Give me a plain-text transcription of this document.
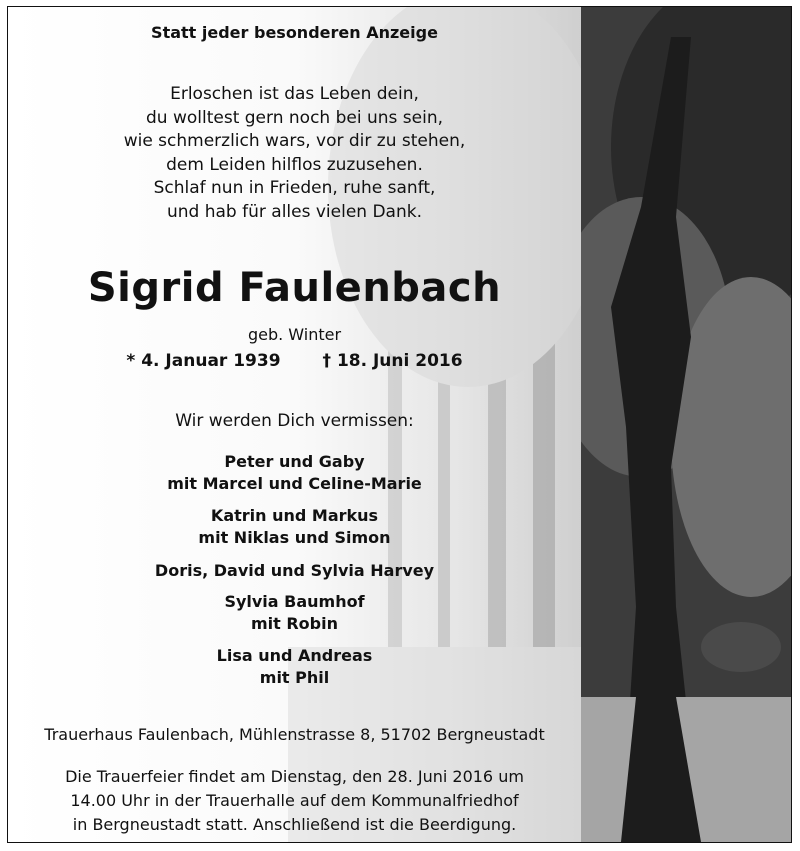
Statt jeder besonderen Anzeige
Erloschen ist das Leben dein,
du wolltest gern noch bei uns sein,
wie schmerzlich wars, vor dir zu stehen,
dem Leiden hilflos zuzusehen.
Schlaf nun in Frieden, ruhe sanft,
und hab für alles vielen Dank.
Sigrid Faulenbach
geb. Winter
* 4. Januar 1939 † 18. Juni 2016
Wir werden Dich vermissen:
Peter und Gaby
mit Marcel und Celine-Marie
Katrin und Markus
mit Niklas und Simon
Doris, David und Sylvia Harvey
Sylvia Baumhof
mit Robin
Lisa und Andreas
mit Phil
Trauerhaus Faulenbach, Mühlenstrasse 8, 51702 Bergneustadt
Die Trauerfeier findet am Dienstag, den 28. Juni 2016 um
14.00 Uhr in der Trauerhalle auf dem Kommunalfriedhof
in Bergneustadt statt. Anschließend ist die Beerdigung.
